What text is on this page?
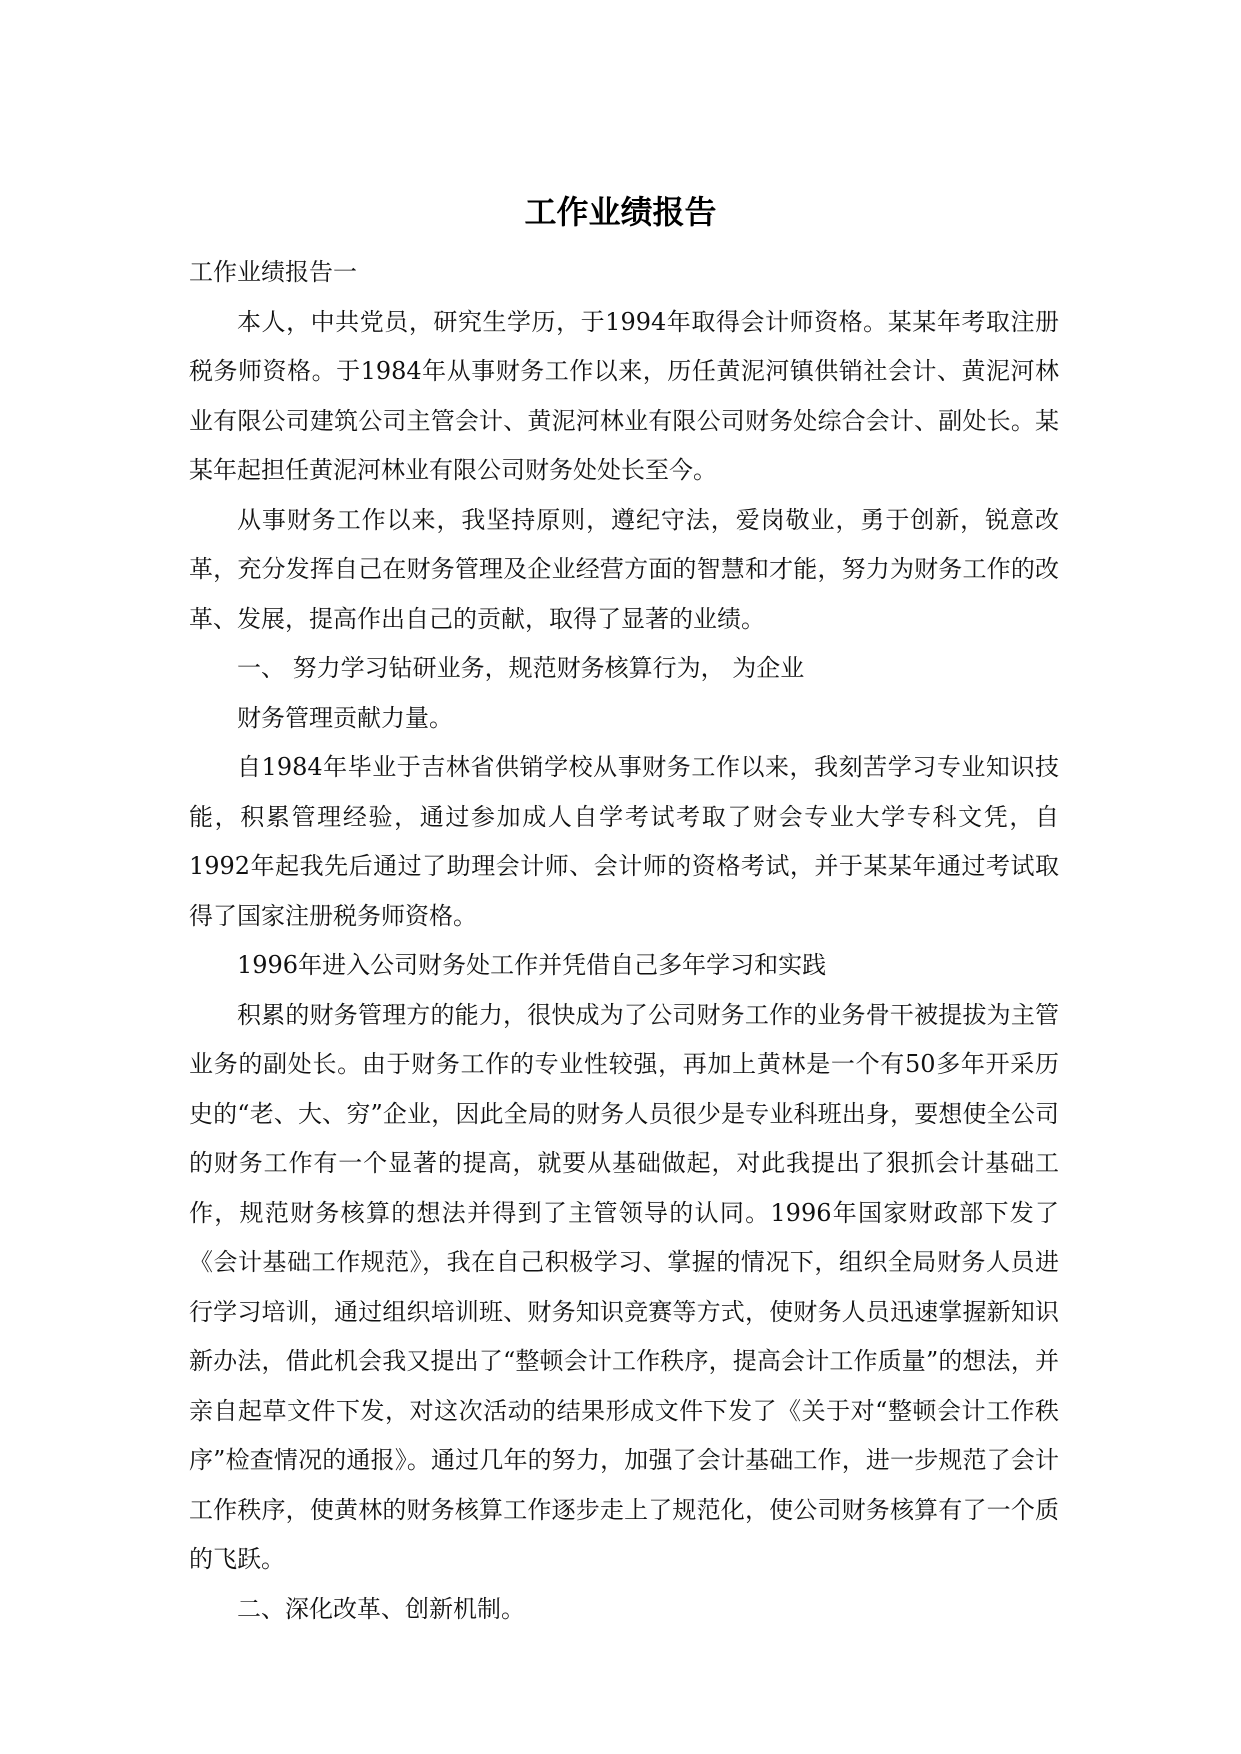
工作业绩报告

工作业绩报告一

本人，中共党员，研究生学历，于1994年取得会计师资格。某某年考取注册税务师资格。于1984年从事财务工作以来，历任黄泥河镇供销社会计、黄泥河林业有限公司建筑公司主管会计、黄泥河林业有限公司财务处综合会计、副处长。某某年起担任黄泥河林业有限公司财务处处长至今。

从事财务工作以来，我坚持原则，遵纪守法，爱岗敬业，勇于创新，锐意改革，充分发挥自己在财务管理及企业经营方面的智慧和才能，努力为财务工作的改革、发展，提高作出自己的贡献，取得了显著的业绩。

一、 努力学习钻研业务，规范财务核算行为， 为企业

财务管理贡献力量。

自1984年毕业于吉林省供销学校从事财务工作以来，我刻苦学习专业知识技能，积累管理经验，通过参加成人自学考试考取了财会专业大学专科文凭，自1992年起我先后通过了助理会计师、会计师的资格考试，并于某某年通过考试取得了国家注册税务师资格。

1996年进入公司财务处工作并凭借自己多年学习和实践

积累的财务管理方的能力，很快成为了公司财务工作的业务骨干被提拔为主管业务的副处长。由于财务工作的专业性较强，再加上黄林是一个有50多年开采历史的“老、大、穷”企业，因此全局的财务人员很少是专业科班出身，要想使全公司的财务工作有一个显著的提高，就要从基础做起，对此我提出了狠抓会计基础工作，规范财务核算的想法并得到了主管领导的认同。1996年国家财政部下发了《会计基础工作规范》，我在自己积极学习、掌握的情况下，组织全局财务人员进行学习培训，通过组织培训班、财务知识竞赛等方式，使财务人员迅速掌握新知识新办法，借此机会我又提出了“整顿会计工作秩序，提高会计工作质量”的想法，并亲自起草文件下发，对这次活动的结果形成文件下发了《关于对“整顿会计工作秩序”检查情况的通报》。通过几年的努力，加强了会计基础工作，进一步规范了会计工作秩序，使黄林的财务核算工作逐步走上了规范化，使公司财务核算有了一个质的飞跃。

二、深化改革、创新机制。
